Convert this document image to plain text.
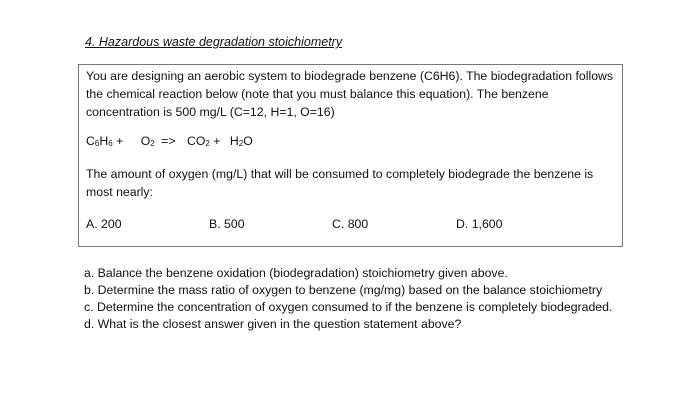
4. Hazardous waste degradation stoichiometry
You are designing an aerobic system to biodegrade benzene (C6H6). The biodegradation follows
the chemical reaction below (note that you must balance this equation). The benzene
concentration is 500 mg/L (C=12, H=1, O=16)
$C_6H_6 + O_2 => CO_2 + H_2O$
The amount of oxygen (mg/L) that will be consumed to completely biodegrade the benzene is
most nearly:
A. 200	B. 500	C. 800	D. 1,600
a. Balance the benzene oxidation (biodegradation) stoichiometry given above.
b. Determine the mass ratio of oxygen to benzene (mg/mg) based on the balance stoichiometry
c. Determine the concentration of oxygen consumed to if the benzene is completely biodegraded.
d. What is the closest answer given in the question statement above?
